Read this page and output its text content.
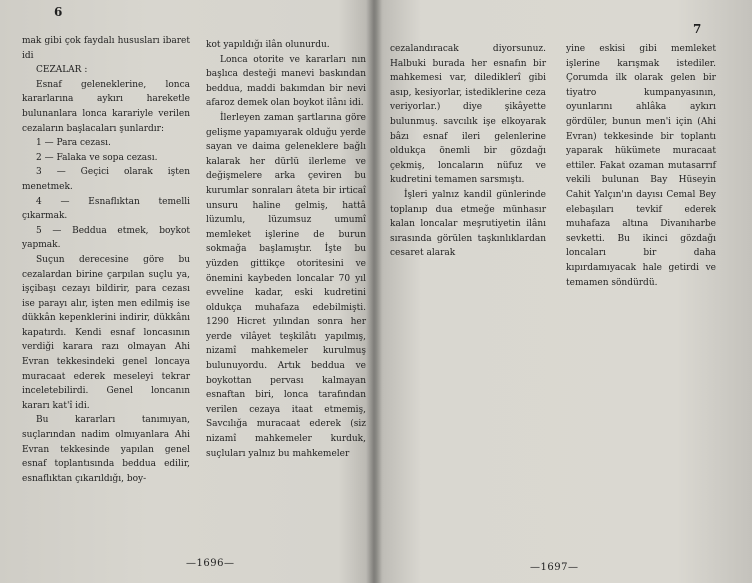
6

mak gibi çok faydalı hususları ibaret idi

CEZALAR :

Esnaf geleneklerine, lonca kararlarına aykırı hareketle bulunanlara lonca karariyle verilen cezaların başlacaları şunlardır:

1 — Para cezası.

2 — Falaka ve sopa cezası.

3 — Geçici olarak işten menetmek.

4 — Esnaflıktan temelli çıkarmak.

5 — Beddua etmek, boykot yapmak.

Suçun derecesine göre bu cezalardan birine çarpılan suçlu ya, işçibaşı cezayı bildirir, para cezası ise parayı alır, işten men edilmiş ise dükkân kepenklerini indirir, dükkânı kapatırdı. Kendi esnaf loncasının verdiği karara razı olmayan Ahi Evran tekkesindeki genel loncaya muracaat ederek meseleyi tekrar inceletebilirdi. Genel loncanın kararı kat'î idi.

Bu kararları tanımıyan, suçlarından nadim olmıyanlara Ahi Evran tekkesinde yapılan genel esnaf toplantısında beddua edilir, esnaflıktan çıkarıldığı, boy-

kot yapıldığı ilân olunurdu.

Lonca otorite ve kararları nın başlıca desteği manevi baskından beddua, maddi bakımdan bir nevi afaroz demek olan boykot ilânı idi.

İlerleyen zaman şartlarına göre gelişme yapamıyarak olduğu yerde sayan ve daima geleneklere bağlı kalarak her dürlü ilerleme ve değişmelere arka çeviren bu kurumlar sonraları âteta bir irticaî unsuru haline gelmiş, hattâ lüzumlu, lüzumsuz umumî memleket işlerine de burun sokmağa başlamıştır. İşte bu yüzden gittikçe otoritesini ve önemini kaybeden loncalar 70 yıl evveline kadar, eski kudretini oldukça muhafaza edebilmişti. 1290 Hicret yılından sonra her yerde vilâyet teşkilâtı yapılmış, nizamî mahkemeler kurulmuş bulunuyordu. Artık beddua ve boykottan pervası kalmayan esnaftan biri, lonca tarafından verilen cezaya itaat etmemiş, Savcılığa muracaat ederek (siz nizamî mahkemeler kurduk, suçluları yalnız bu mahkemeler

—1696—
7

cezalandıracak diyorsunuz. Halbuki burada her esnafın bir mahkemesi var, dilediklerî gibi asıp, kesiyorlar, istediklerine ceza veriyorlar.) diye şikâyette bulunmuş. savcılık işe elkoyarak bâzı esnaf ileri gelenlerine oldukça önemli bir gözdağı çekmiş, loncaların nüfuz ve kudretini temamen sarsmıştı.

İşleri yalnız kandil günlerinde toplanıp dua etmeğe münhasır kalan loncalar meşrutiyetin ilânı sırasında görülen taşkınlıklardan cesaret alarak

yine eskisi gibi memleket işlerine karışmak istediler. Çorumda ilk olarak gelen bir tiyatro kumpanyasının, oyunlarını ahlâka aykırı gördüler, bunun men'i için (Ahi Evran) tekkesinde bir toplantı yaparak hükümete muracaat ettiler. Fakat ozaman mutasarrıf vekili bulunan Bay Hüseyin Cahit Yalçın'ın dayısı Cemal Bey elebaşıları tevkif ederek muhafaza altına Divanıharbe sevketti. Bu ikinci gözdağı loncaları bir daha kıpırdamıyacak hale getirdi ve temamen söndürdü.

—1697—
